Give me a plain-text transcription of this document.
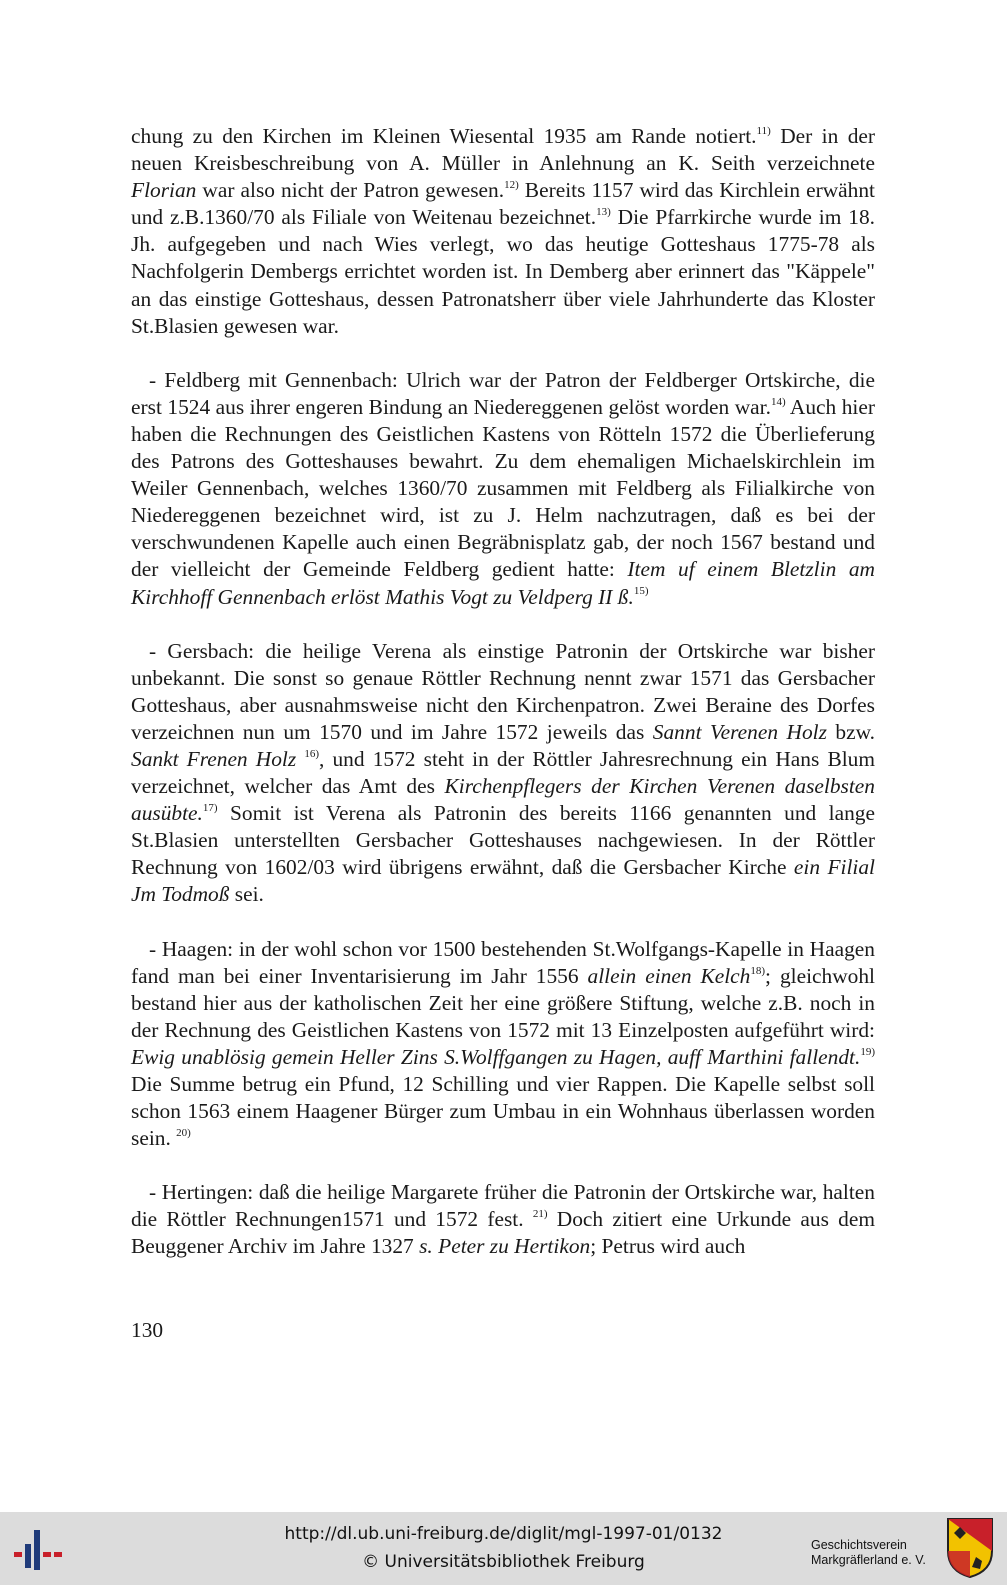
chung zu den Kirchen im Kleinen Wiesental 1935 am Rande notiert.$^{11)}$ Der in der neuen Kreisbeschreibung von A. Müller in Anlehnung an K. Seith verzeichnete Florian war also nicht der Patron gewesen.$^{12)}$ Bereits 1157 wird das Kirchlein erwähnt und z.B.1360/70 als Filiale von Weitenau bezeichnet.$^{13)}$ Die Pfarrkirche wurde im 18. Jh. aufgegeben und nach Wies verlegt, wo das heutige Gotteshaus 1775-78 als Nachfolgerin Dembergs errichtet worden ist. In Demberg aber erinnert das "Käppele" an das einstige Gotteshaus, dessen Patronatsherr über viele Jahrhunderte das Kloster St.Blasien gewesen war.

- Feldberg mit Gennenbach: Ulrich war der Patron der Feldberger Ortskirche, die erst 1524 aus ihrer engeren Bindung an Niedereggenen gelöst worden war.$^{14)}$ Auch hier haben die Rechnungen des Geistlichen Kastens von Rötteln 1572 die Überlieferung des Patrons des Gotteshauses bewahrt. Zu dem ehemaligen Michaelskirchlein im Weiler Gennenbach, welches 1360/70 zusammen mit Feldberg als Filialkirche von Niedereggenen bezeichnet wird, ist zu J. Helm nachzutragen, daß es bei der verschwundenen Kapelle auch einen Begräbnisplatz gab, der noch 1567 bestand und der vielleicht der Gemeinde Feldberg gedient hatte: Item uf einem Bletzlin am Kirchhoff Gennenbach erlöst Mathis Vogt zu Veldperg II ß.$^{15)}$

- Gersbach: die heilige Verena als einstige Patronin der Ortskirche war bisher unbekannt. Die sonst so genaue Röttler Rechnung nennt zwar 1571 das Gersbacher Gotteshaus, aber ausnahmsweise nicht den Kirchenpatron. Zwei Beraine des Dorfes verzeichnen nun um 1570 und im Jahre 1572 jeweils das Sannt Verenen Holz bzw. Sankt Frenen Holz $^{16)}$, und 1572 steht in der Röttler Jahresrechnung ein Hans Blum verzeichnet, welcher das Amt des Kirchenpflegers der Kirchen Verenen daselbsten ausübte.$^{17)}$ Somit ist Verena als Patronin des bereits 1166 genannten und lange St.Blasien unterstellten Gersbacher Gotteshauses nachgewiesen. In der Röttler Rechnung von 1602/03 wird übrigens erwähnt, daß die Gersbacher Kirche ein Filial Jm Todmoß sei.

- Haagen: in der wohl schon vor 1500 bestehenden St.Wolfgangs-Kapelle in Haagen fand man bei einer Inventarisierung im Jahr 1556 allein einen Kelch$^{18)}$; gleichwohl bestand hier aus der katholischen Zeit her eine größere Stiftung, welche z.B. noch in der Rechnung des Geistlichen Kastens von 1572 mit 13 Einzelposten aufgeführt wird: Ewig unablösig gemein Heller Zins S.Wolffgangen zu Hagen, auff Marthini fallendt.$^{19)}$ Die Summe betrug ein Pfund, 12 Schilling und vier Rappen. Die Kapelle selbst soll schon 1563 einem Haagener Bürger zum Umbau in ein Wohnhaus überlassen worden sein. $^{20)}$

- Hertingen: daß die heilige Margarete früher die Patronin der Ortskirche war, halten die Röttler Rechnungen1571 und 1572 fest. $^{21)}$ Doch zitiert eine Urkunde aus dem Beuggener Archiv im Jahre 1327 s. Peter zu Hertikon; Petrus wird auch

130
http://dl.ub.uni-freiburg.de/diglit/mgl-1997-01/0132
© Universitätsbibliothek Freiburg
Geschichtsverein
Markgräflerland e. V.
